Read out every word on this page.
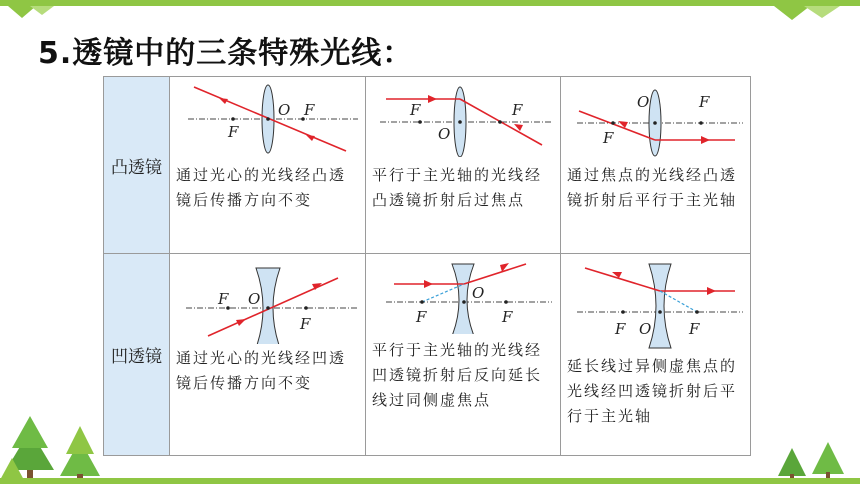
5.透镜中的三条特殊光线：
凸透镜
凹透镜
F
O F
通过光心的光线经凸透镜后传播方向不变
F
O
F
平行于主光轴的光线经凸透镜折射后过焦点
F
O	F
通过焦点的光线经凸透镜折射后平行于主光轴
F O
F
通过光心的光线经凹透镜后传播方向不变
F
O
F
平行于主光轴的光线经凹透镜折射后反向延长线过同侧虚焦点
F O	F
延长线过异侧虚焦点的光线经凹透镜折射后平行于主光轴
